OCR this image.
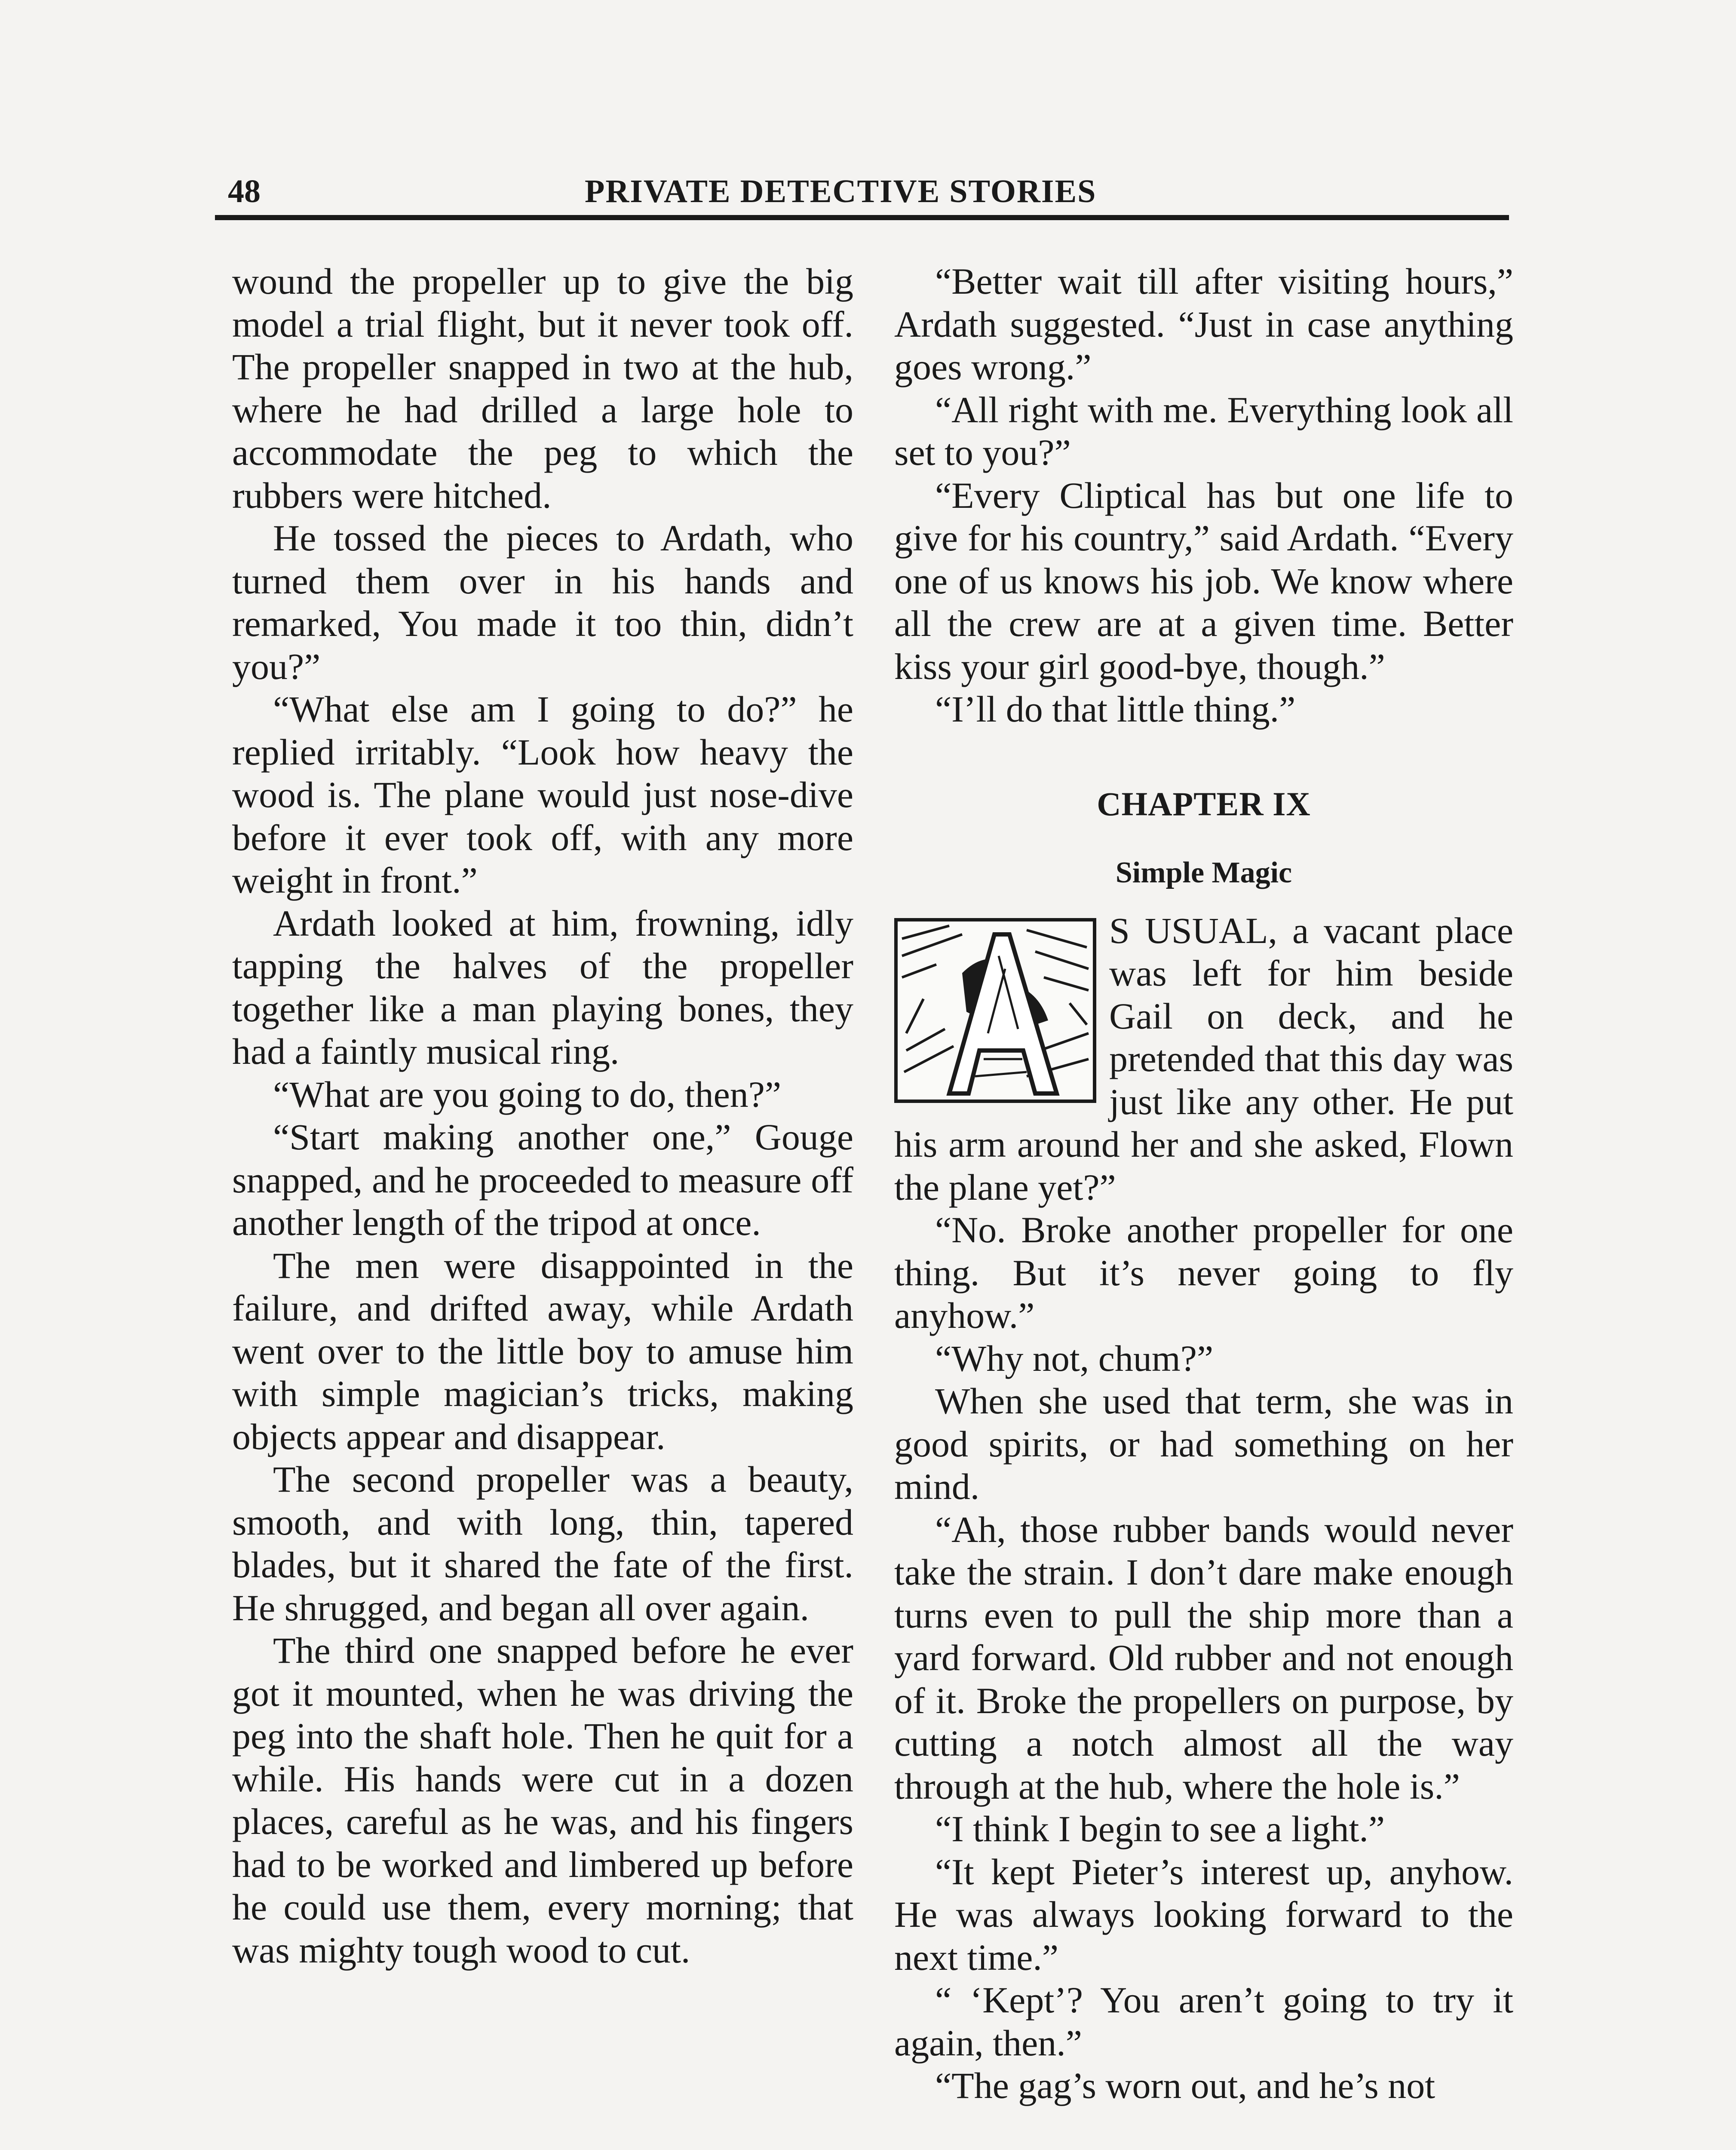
48	PRIVATE DETECTIVE STORIES

wound the propeller up to give the big model a trial flight, but it never took off. The propeller snapped in two at the hub, where he had drilled a large hole to accommodate the peg to which the rubbers were hitched.

He tossed the pieces to Ardath, who turned them over in his hands and remarked, You made it too thin, didn’t you?”

“What else am I going to do?” he replied irritably. “Look how heavy the wood is. The plane would just nose-dive before it ever took off, with any more weight in front.”

Ardath looked at him, frowning, idly tapping the halves of the propeller together like a man playing bones, they had a faintly musical ring.

“What are you going to do, then?”

“Start making another one,” Gouge snapped, and he proceeded to measure off another length of the tripod at once.

The men were disappointed in the failure, and drifted away, while Ardath went over to the little boy to amuse him with simple magician’s tricks, making objects appear and disappear.

The second propeller was a beauty, smooth, and with long, thin, tapered blades, but it shared the fate of the first. He shrugged, and began all over again.

The third one snapped before he ever got it mounted, when he was driving the peg into the shaft hole. Then he quit for a while. His hands were cut in a dozen places, careful as he was, and his fingers had to be worked and limbered up before he could use them, every morning; that was mighty tough wood to cut.

“Better wait till after visiting hours,” Ardath suggested. “Just in case anything goes wrong.”

“All right with me. Everything look all set to you?”

“Every Cliptical has but one life to give for his country,” said Ardath. “Every one of us knows his job. We know where all the crew are at a given time. Better kiss your girl good-bye, though.”

“I’ll do that little thing.”

CHAPTER IX
Simple Magic

S USUAL, a vacant place was left for him beside Gail on deck, and he pretended that this day was just like any other. He put his arm around her and she asked, Flown the plane yet?”

“No. Broke another propeller for one thing. But it’s never going to fly anyhow.”

“Why not, chum?”

When she used that term, she was in good spirits, or had something on her mind.

“Ah, those rubber bands would never take the strain. I don’t dare make enough turns even to pull the ship more than a yard forward. Old rubber and not enough of it. Broke the propellers on purpose, by cutting a notch almost all the way through at the hub, where the hole is.”

“I think I begin to see a light.”

“It kept Pieter’s interest up, anyhow. He was always looking forward to the next time.”

“ ‘Kept’? You aren’t going to try it again, then.”

“The gag’s worn out, and he’s not
